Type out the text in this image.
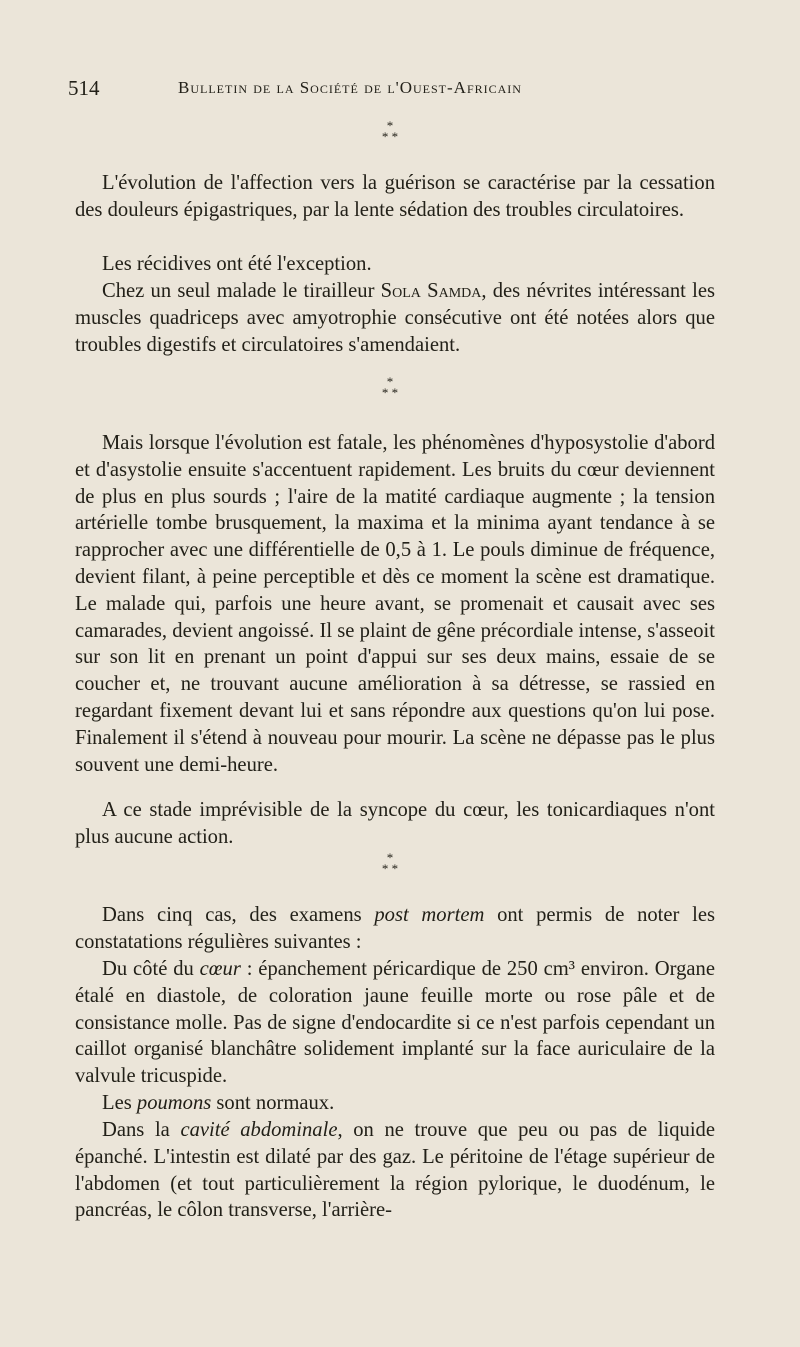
514	Bulletin de la Société de l'Ouest-Africain
*
* *

L'évolution de l'affection vers la guérison se caractérise par la cessation des douleurs épigastriques, par la lente sédation des troubles circulatoires.

Les récidives ont été l'exception.

Chez un seul malade le tirailleur Sola Samda, des névrites intéressant les muscles quadriceps avec amyotrophie consécutive ont été notées alors que troubles digestifs et circulatoires s'amendaient.

*
* *

Mais lorsque l'évolution est fatale, les phénomènes d'hyposystolie d'abord et d'asystolie ensuite s'accentuent rapidement. Les bruits du cœur deviennent de plus en plus sourds ; l'aire de la matité cardiaque augmente ; la tension artérielle tombe brusquement, la maxima et la minima ayant tendance à se rapprocher avec une différentielle de 0,5 à 1. Le pouls diminue de fréquence, devient filant, à peine perceptible et dès ce moment la scène est dramatique. Le malade qui, parfois une heure avant, se promenait et causait avec ses camarades, devient angoissé. Il se plaint de gêne précordiale intense, s'asseoit sur son lit en prenant un point d'appui sur ses deux mains, essaie de se coucher et, ne trouvant aucune amélioration à sa détresse, se rassied en regardant fixement devant lui et sans répondre aux questions qu'on lui pose. Finalement il s'étend à nouveau pour mourir. La scène ne dépasse pas le plus souvent une demi-heure.

A ce stade imprévisible de la syncope du cœur, les tonicardiaques n'ont plus aucune action.

*
* *

Dans cinq cas, des examens post mortem ont permis de noter les constatations régulières suivantes :

Du côté du cœur : épanchement péricardique de 250 cm³ environ. Organe étalé en diastole, de coloration jaune feuille morte ou rose pâle et de consistance molle. Pas de signe d'endocardite si ce n'est parfois cependant un caillot organisé blanchâtre solidement implanté sur la face auriculaire de la valvule tricuspide.

Les poumons sont normaux.

Dans la cavité abdominale, on ne trouve que peu ou pas de liquide épanché. L'intestin est dilaté par des gaz. Le péritoine de l'étage supérieur de l'abdomen (et tout particulièrement la région pylorique, le duodénum, le pancréas, le côlon transverse, l'arrière-
